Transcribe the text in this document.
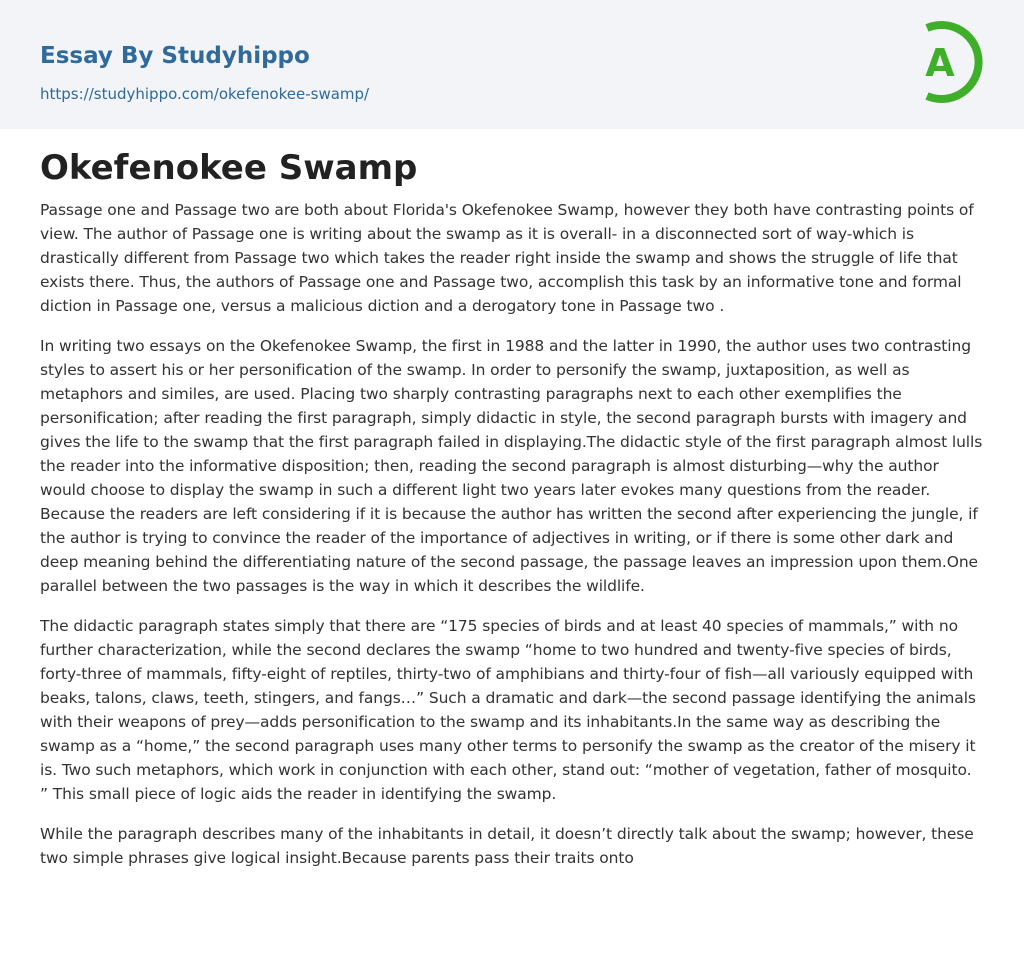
Essay By Studyhippo
https://studyhippo.com/okefenokee-swamp/
A
Okefenokee Swamp

Passage one and Passage two are both about Florida's Okefenokee Swamp, however they both have contrasting points of view. The author of Passage one is writing about the swamp as it is overall- in a disconnected sort of way-which is drastically different from Passage two which takes the reader right inside the swamp and shows the struggle of life that exists there. Thus, the authors of Passage one and Passage two, accomplish this task by an informative tone and formal diction in Passage one, versus a malicious diction and a derogatory tone in Passage two .

In writing two essays on the Okefenokee Swamp, the first in 1988 and the latter in 1990, the author uses two contrasting styles to assert his or her personification of the swamp. In order to personify the swamp, juxtaposition, as well as metaphors and similes, are used. Placing two sharply contrasting paragraphs next to each other exemplifies the personification; after reading the first paragraph, simply didactic in style, the second paragraph bursts with imagery and gives the life to the swamp that the first paragraph failed in displaying.The didactic style of the first paragraph almost lulls the reader into the informative disposition; then, reading the second paragraph is almost disturbing—why the author would choose to display the swamp in such a different light two years later evokes many questions from the reader. Because the readers are left considering if it is because the author has written the second after experiencing the jungle, if the author is trying to convince the reader of the importance of adjectives in writing, or if there is some other dark and deep meaning behind the differentiating nature of the second passage, the passage leaves an impression upon them.One parallel between the two passages is the way in which it describes the wildlife.

The didactic paragraph states simply that there are “175 species of birds and at least 40 species of mammals,” with no further characterization, while the second declares the swamp “home to two hundred and twenty-five species of birds, forty-three of mammals, fifty-eight of reptiles, thirty-two of amphibians and thirty-four of fish—all variously equipped with beaks, talons, claws, teeth, stingers, and fangs…” Such a dramatic and dark—the second passage identifying the animals with their weapons of prey—adds personification to the swamp and its inhabitants.In the same way as describing the swamp as a “home,” the second paragraph uses many other terms to personify the swamp as the creator of the misery it is. Two such metaphors, which work in conjunction with each other, stand out: “mother of vegetation, father of mosquito. ” This small piece of logic aids the reader in identifying the swamp.

While the paragraph describes many of the inhabitants in detail, it doesn’t directly talk about the swamp; however, these two simple phrases give logical insight.Because parents pass their traits onto
